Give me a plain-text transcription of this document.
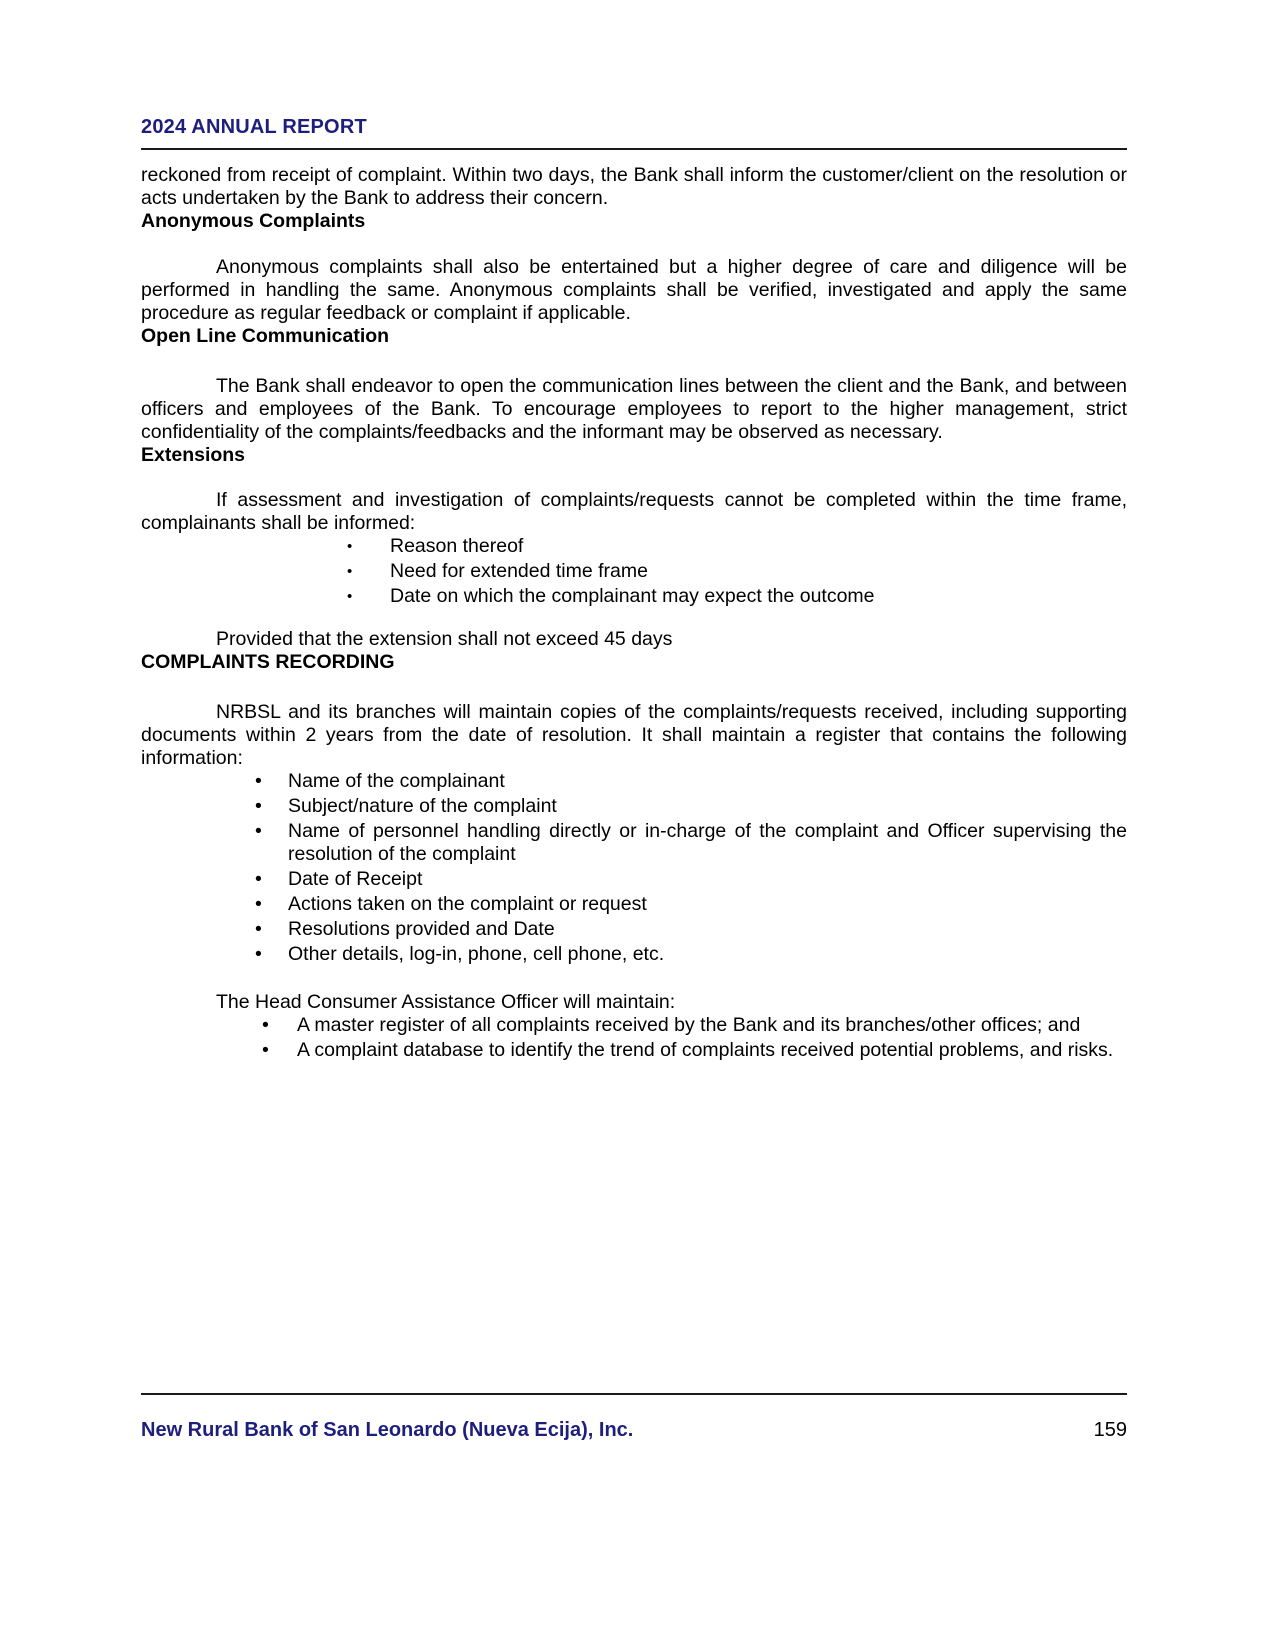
2024 ANNUAL REPORT

reckoned from receipt of complaint. Within two days, the Bank shall inform the customer/client on the resolution or acts undertaken by the Bank to address their concern.

Anonymous Complaints

Anonymous complaints shall also be entertained but a higher degree of care and diligence will be performed in handling the same. Anonymous complaints shall be verified, investigated and apply the same procedure as regular feedback or complaint if applicable.

Open Line Communication

The Bank shall endeavor to open the communication lines between the client and the Bank, and between officers and employees of the Bank. To encourage employees to report to the higher management, strict confidentiality of the complaints/feedbacks and the informant may be observed as necessary.

Extensions

If assessment and investigation of complaints/requests cannot be completed within the time frame, complainants shall be informed:

• Reason thereof
• Need for extended time frame
• Date on which the complainant may expect the outcome

Provided that the extension shall not exceed 45 days

COMPLAINTS RECORDING

NRBSL and its branches will maintain copies of the complaints/requests received, including supporting documents within 2 years from the date of resolution. It shall maintain a register that contains the following information:

• Name of the complainant
• Subject/nature of the complaint
• Name of personnel handling directly or in-charge of the complaint and Officer supervising the resolution of the complaint
• Date of Receipt
• Actions taken on the complaint or request
• Resolutions provided and Date
• Other details, log-in, phone, cell phone, etc.

The Head Consumer Assistance Officer will maintain:

• A master register of all complaints received by the Bank and its branches/other offices; and
• A complaint database to identify the trend of complaints received potential problems, and risks.
New Rural Bank of San Leonardo (Nueva Ecija), Inc.	159
